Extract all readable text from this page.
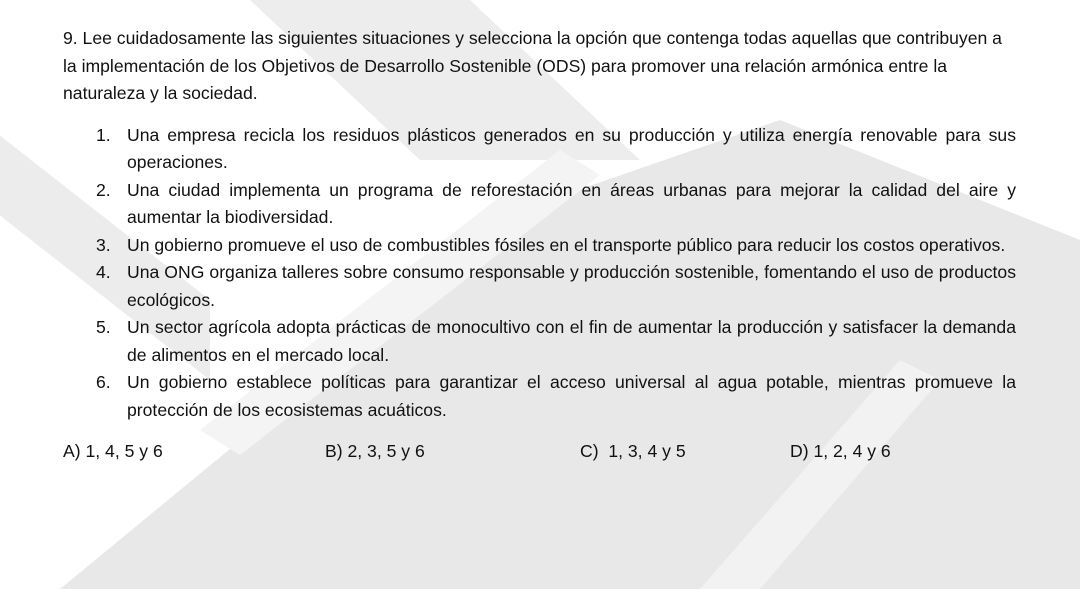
9. Lee cuidadosamente las siguientes situaciones y selecciona la opción que contenga todas aquellas que contribuyen a la implementación de los Objetivos de Desarrollo Sostenible (ODS) para promover una relación armónica entre la naturaleza y la sociedad.

1. Una empresa recicla los residuos plásticos generados en su producción y utiliza energía renovable para sus operaciones.
2. Una ciudad implementa un programa de reforestación en áreas urbanas para mejorar la calidad del aire y aumentar la biodiversidad.
3. Un gobierno promueve el uso de combustibles fósiles en el transporte público para reducir los costos operativos.
4. Una ONG organiza talleres sobre consumo responsable y producción sostenible, fomentando el uso de productos ecológicos.
5. Un sector agrícola adopta prácticas de monocultivo con el fin de aumentar la producción y satisfacer la demanda de alimentos en el mercado local.
6. Un gobierno establece políticas para garantizar el acceso universal al agua potable, mientras promueve la protección de los ecosistemas acuáticos.
A) 1, 4, 5 y 6	B) 2, 3, 5 y 6	C)  1, 3, 4 y 5	D) 1, 2, 4 y 6
